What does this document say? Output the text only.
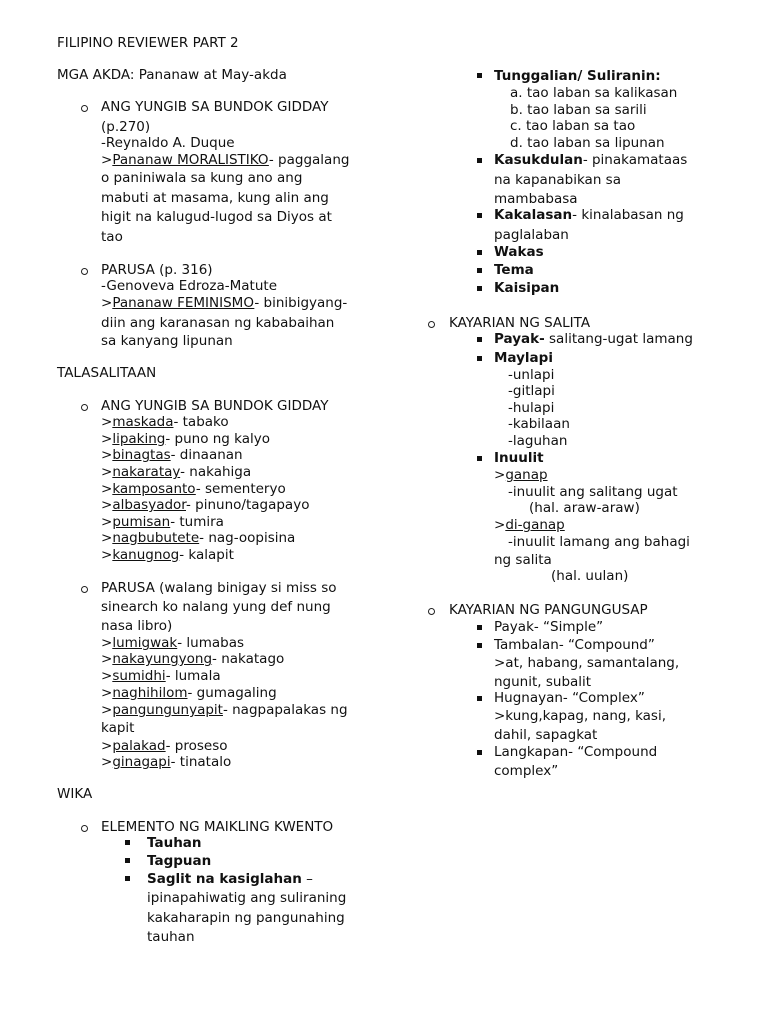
FILIPINO REVIEWER PART 2
MGA AKDA: Pananaw at May-akda
ANG YUNGIB SA BUNDOK GIDDAY
(p.270)
-Reynaldo A. Duque
>Pananaw MORALISTIKO- paggalang
o paniniwala sa kung ano ang
mabuti at masama, kung alin ang
higit na kalugud-lugod sa Diyos at
tao
PARUSA (p. 316)
-Genoveva Edroza-Matute
>Pananaw FEMINISMO- binibigyang-
diin ang karanasan ng kababaihan
sa kanyang lipunan
TALASALITAAN
ANG YUNGIB SA BUNDOK GIDDAY
>maskada- tabako
>lipaking- puno ng kalyo
>binagtas- dinaanan
>nakaratay- nakahiga
>kamposanto- sementeryo
>albasyador- pinuno/tagapayo
>pumisan- tumira
>nagbubutete- nag-oopisina
>kanugnog- kalapit
PARUSA (walang binigay si miss so
sinearch ko nalang yung def nung
nasa libro)
>lumigwak- lumabas
>nakayungyong- nakatago
>sumidhi- lumala
>naghihilom- gumagaling
>pangungunyapit- nagpapalakas ng
kapit
>palakad- proseso
>ginagapi- tinatalo
WIKA
ELEMENTO NG MAIKLING KWENTO
Tauhan
Tagpuan
Saglit na kasiglahan –
ipinapahiwatig ang suliraning
kakaharapin ng pangunahing
tauhan
Tunggalian/ Suliranin:
a. tao laban sa kalikasan
b. tao laban sa sarili
c. tao laban sa tao
d. tao laban sa lipunan
Kasukdulan- pinakamataas
na kapanabikan sa
mambabasa
Kakalasan- kinalabasan ng
paglalaban
Wakas
Tema
Kaisipan
KAYARIAN NG SALITA
Payak- salitang-ugat lamang
Maylapi
-unlapi
-gitlapi
-hulapi
-kabilaan
-laguhan
Inuulit
>ganap
-inuulit ang salitang ugat
(hal. araw-araw)
>di-ganap
-inuulit lamang ang bahagi
ng salita
(hal. uulan)
KAYARIAN NG PANGUNGUSAP
Payak- “Simple”
Tambalan- “Compound”
>at, habang, samantalang,
ngunit, subalit
Hugnayan- “Complex”
>kung,kapag, nang, kasi,
dahil, sapagkat
Langkapan- “Compound
complex”
